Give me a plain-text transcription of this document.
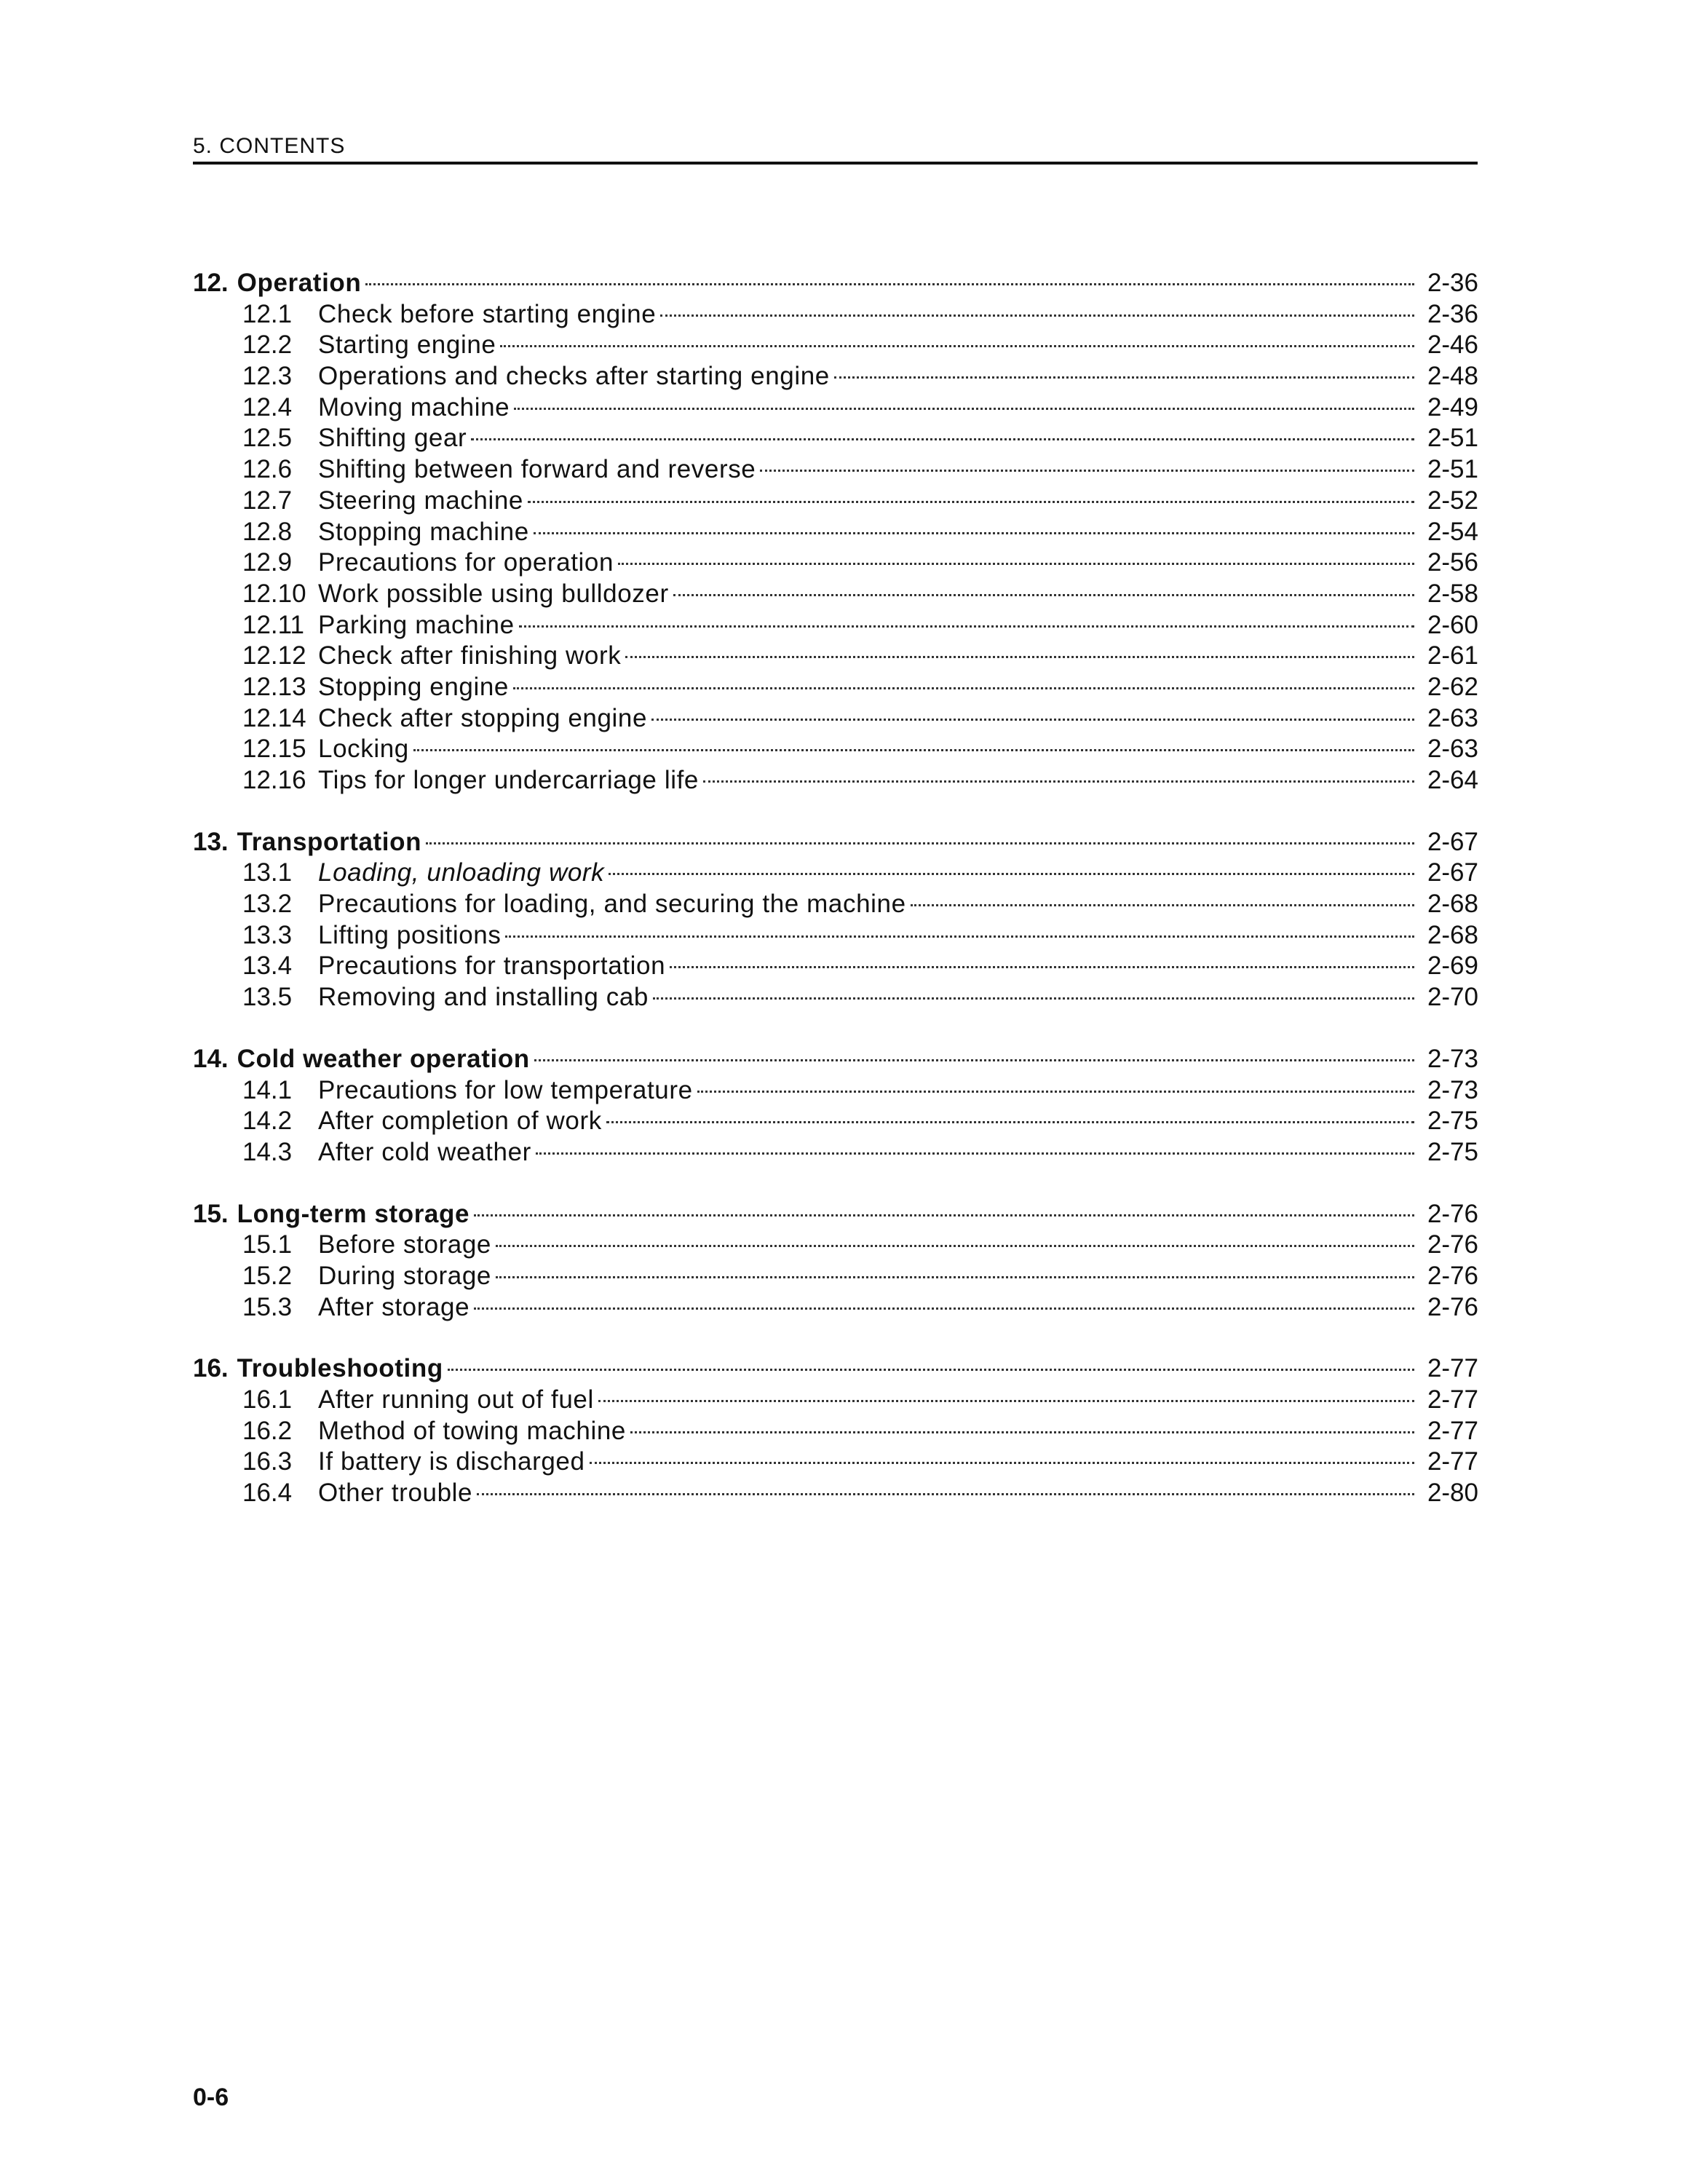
5. CONTENTS
12. Operation	2-36
12.1	Check before starting engine	2-36
12.2	Starting engine	2-46
12.3	Operations and checks after starting engine	2-48
12.4	Moving machine	2-49
12.5	Shifting gear	2-51
12.6	Shifting between forward and reverse	2-51
12.7	Steering machine	2-52
12.8	Stopping machine	2-54
12.9	Precautions for operation	2-56
12.10 Work possible using bulldozer	2-58
12.11 Parking machine	2-60
12.12 Check after finishing work	2-61
12.13 Stopping engine	2-62
12.14 Check after stopping engine	2-63
12.15 Locking	2-63
12.16 Tips for longer undercarriage life	2-64
13. Transportation	2-67
13.1	Loading, unloading work	2-67
13.2	Precautions for loading, and securing the machine	2-68
13.3	Lifting positions	2-68
13.4	Precautions for transportation	2-69
13.5	Removing and installing cab	2-70
14. Cold weather operation	2-73
14.1	Precautions for low temperature	2-73
14.2	After completion of work	2-75
14.3	After cold weather	2-75
15. Long-term storage	2-76
15.1	Before storage	2-76
15.2	During storage	2-76
15.3	After storage	2-76
16. Troubleshooting	2-77
16.1	After running out of fuel	2-77
16.2	Method of towing machine	2-77
16.3	If battery is discharged	2-77
16.4	Other trouble	2-80
0-6
